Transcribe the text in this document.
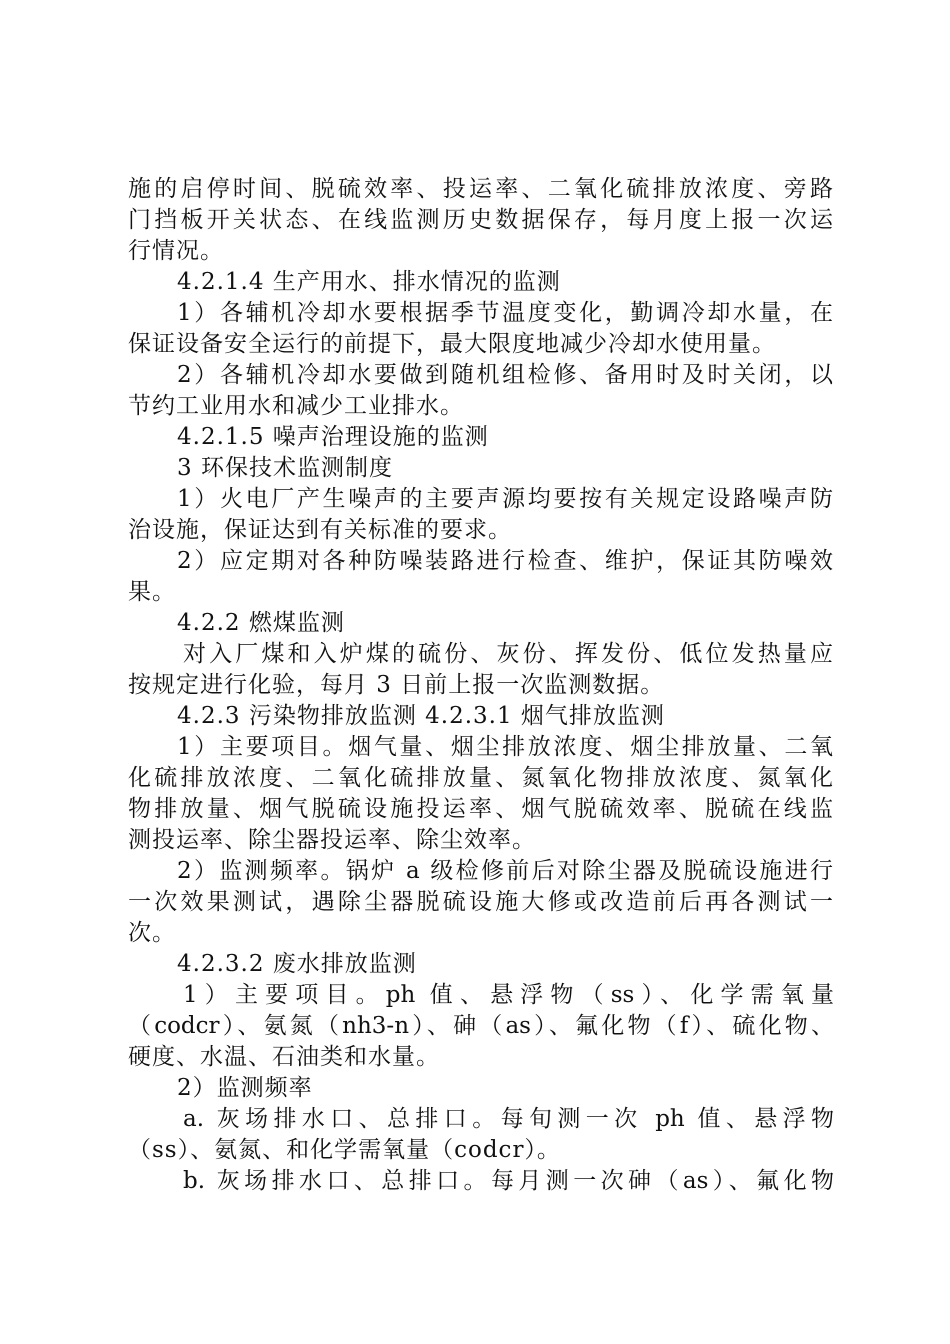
施的启停时间、脱硫效率、投运率、二氧化硫排放浓度、旁路
门挡板开关状态、在线监测历史数据保存，每月度上报一次运
行情况。
4.2.1.4 生产用水、排水情况的监测
1）各辅机冷却水要根据季节温度变化，勤调冷却水量，在
保证设备安全运行的前提下，最大限度地减少冷却水使用量。
2）各辅机冷却水要做到随机组检修、备用时及时关闭，以
节约工业用水和减少工业排水。
4.2.1.5 噪声治理设施的监测
3 环保技术监测制度
1）火电厂产生噪声的主要声源均要按有关规定设路噪声防
治设施，保证达到有关标准的要求。
2）应定期对各种防噪装路进行检查、维护，保证其防噪效
果。
4.2.2 燃煤监测
对入厂煤和入炉煤的硫份、灰份、挥发份、低位发热量应
按规定进行化验，每月 3 日前上报一次监测数据。
4.2.3 污染物排放监测 4.2.3.1 烟气排放监测
1）主要项目。烟气量、烟尘排放浓度、烟尘排放量、二氧
化硫排放浓度、二氧化硫排放量、氮氧化物排放浓度、氮氧化
物排放量、烟气脱硫设施投运率、烟气脱硫效率、脱硫在线监
测投运率、除尘器投运率、除尘效率。
2）监测频率。锅炉 a 级检修前后对除尘器及脱硫设施进行
一次效果测试，遇除尘器脱硫设施大修或改造前后再各测试一
次。
4.2.3.2 废水排放监测
1）主要项目。ph 值、悬浮物（ss）、化学需氧量
（codcr）、氨氮（nh3-n）、砷（as）、氟化物（f）、硫化物、
硬度、水温、石油类和水量。
2）监测频率
a. 灰场排水口、总排口。每旬测一次 ph 值、悬浮物
（ss）、氨氮、和化学需氧量（codcr）。
b. 灰场排水口、总排口。每月测一次砷（as）、氟化物
